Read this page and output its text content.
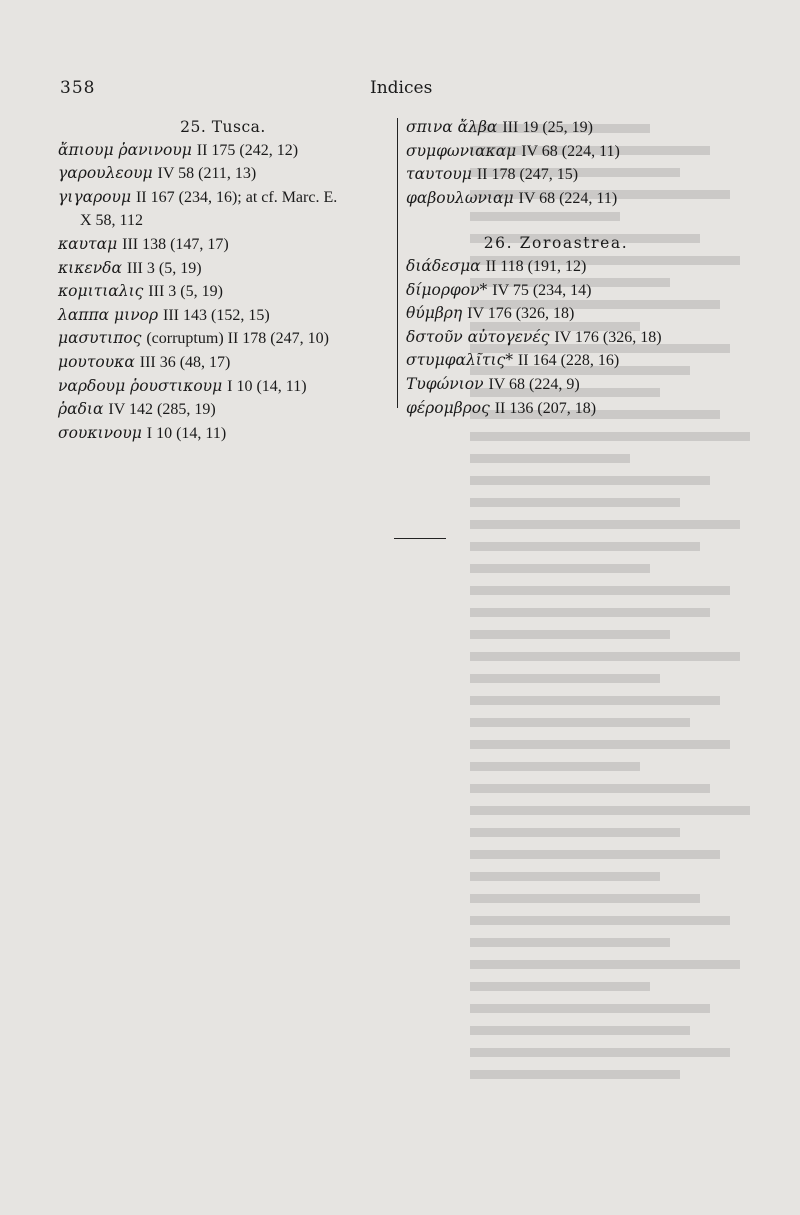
358	Indices
25. Tusca.
ἄπιουμ ῥανινουμ II 175 (242, 12)
γαρουλεουμ IV 58 (211, 13)
γιγαρουμ II 167 (234, 16); at cf. Marc. E.
X 58, 112
καυταμ III 138 (147, 17)
κικενδα III 3 (5, 19)
κομιτιαλις III 3 (5, 19)
λαππα μινορ III 143 (152, 15)
μασυτιπος (corruptum) II 178 (247, 10)
μουτουκα III 36 (48, 17)
ναρδουμ ῥουστικουμ I 10 (14, 11)
ῥαδια IV 142 (285, 19)
σουκινουμ I 10 (14, 11)
σπινα ἄλβα III 19 (25, 19)
συμφωνιακαμ IV 68 (224, 11)
ταυτουμ II 178 (247, 15)
φαβουλωνιαμ IV 68 (224, 11)
26. Zoroastrea.
διάδεσμα II 118 (191, 12)
δίμορφον* IV 75 (234, 14)
θύμβρη IV 176 (326, 18)
δστοῦν αὐτογενές IV 176 (326, 18)
στυμφαλῖτις* II 164 (228, 16)
Τυφώνιον IV 68 (224, 9)
φέρομβρος II 136 (207, 18)
